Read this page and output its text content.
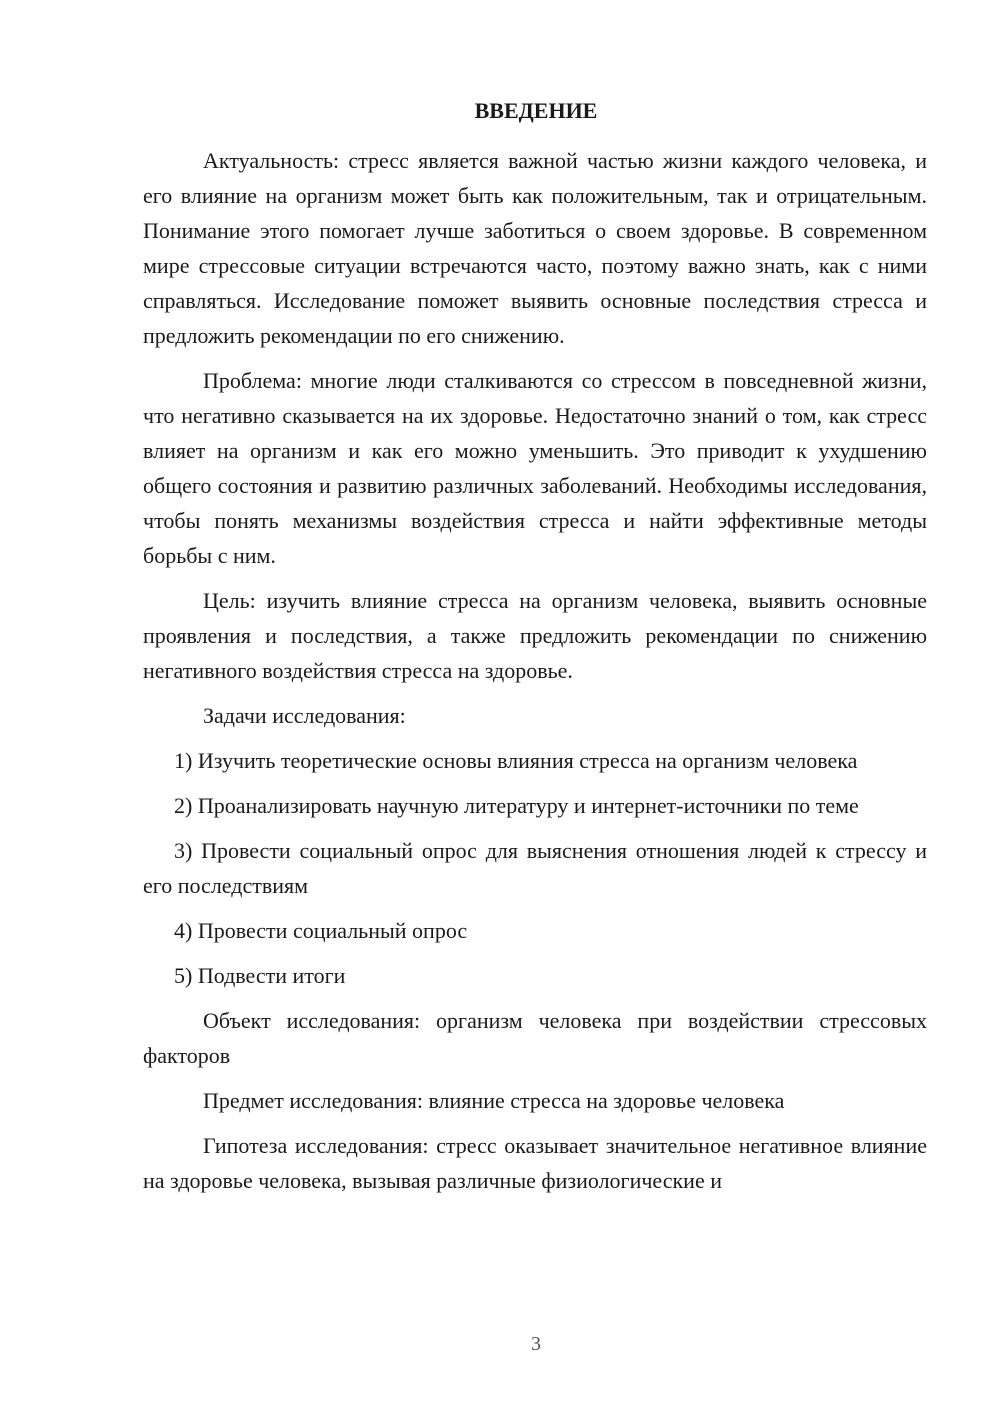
ВВЕДЕНИЕ

Актуальность: стресс является важной частью жизни каждого человека, и его влияние на организм может быть как положительным, так и отрицательным. Понимание этого помогает лучше заботиться о своем здоровье. В современном мире стрессовые ситуации встречаются часто, поэтому важно знать, как с ними справляться. Исследование поможет выявить основные последствия стресса и предложить рекомендации по его снижению.

Проблема: многие люди сталкиваются со стрессом в повседневной жизни, что негативно сказывается на их здоровье. Недостаточно знаний о том, как стресс влияет на организм и как его можно уменьшить. Это приводит к ухудшению общего состояния и развитию различных заболеваний. Необходимы исследования, чтобы понять механизмы воздействия стресса и найти эффективные методы борьбы с ним.

Цель: изучить влияние стресса на организм человека, выявить основные проявления и последствия, а также предложить рекомендации по снижению негативного воздействия стресса на здоровье.

Задачи исследования:

1) Изучить теоретические основы влияния стресса на организм человека

2) Проанализировать научную литературу и интернет-источники по теме

3) Провести социальный опрос для выяснения отношения людей к стрессу и его последствиям

4) Провести социальный опрос

5) Подвести итоги

Объект исследования: организм человека при воздействии стрессовых факторов

Предмет исследования: влияние стресса на здоровье человека

Гипотеза исследования: стресс оказывает значительное негативное влияние на здоровье человека, вызывая различные физиологические и

3
